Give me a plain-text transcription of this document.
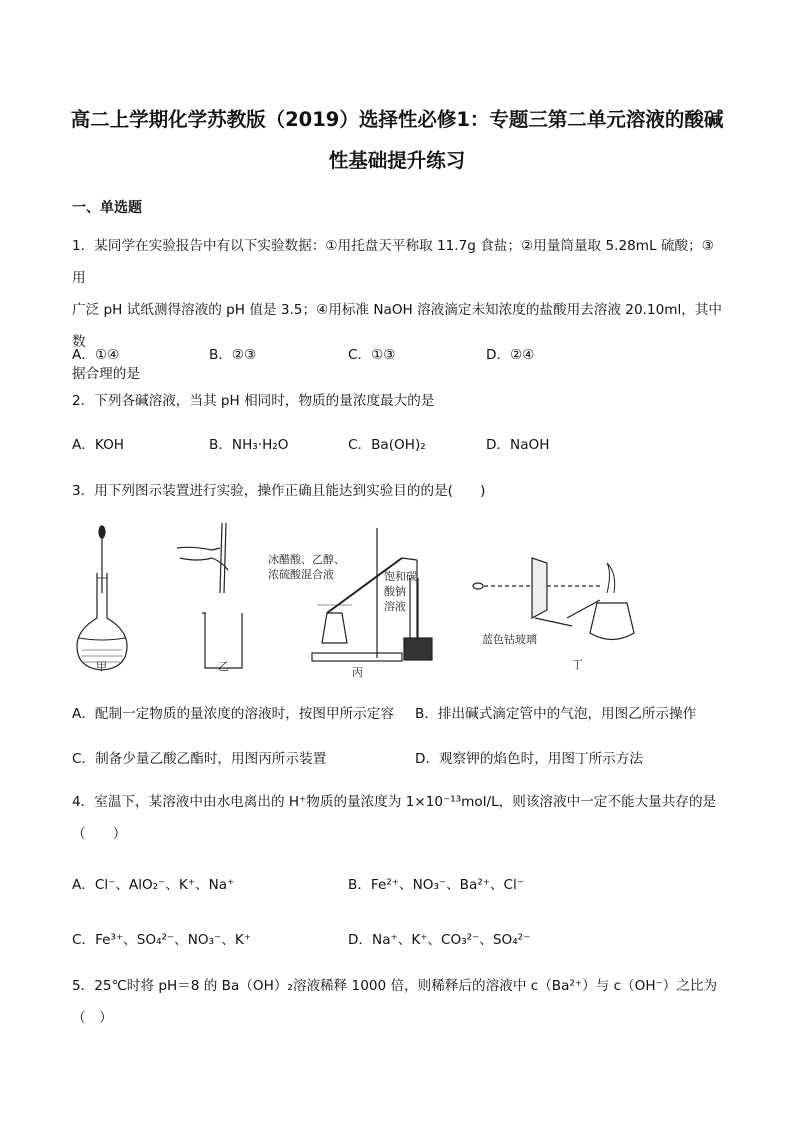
高二上学期化学苏教版（2019）选择性必修1：专题三第二单元溶液的酸碱
性基础提升练习
一、单选题
1．某同学在实验报告中有以下实验数据：①用托盘天平称取 11.7g 食盐；②用量筒量取 5.28mL 硫酸；③用
广泛 pH 试纸测得溶液的 pH 值是 3.5；④用标准 NaOH 溶液滴定未知浓度的盐酸用去溶液 20.10ml，其中数
据合理的是
A．①④	B．②③	C．①③	D．②④
2．下列各碱溶液，当其 pH 相同时，物质的量浓度最大的是
A．KOH	B．NH₃·H₂O	C．Ba(OH)₂	D．NaOH
3．用下列图示装置进行实验，操作正确且能达到实验目的的是(　　)
甲	乙
冰醋酸、乙醇、
浓硫酸混合液	饱和碳
酸钠
溶液
丙
蓝色钴玻璃
丁
A．配制一定物质的量浓度的溶液时，按图甲所示定容 B．排出碱式滴定管中的气泡，用图乙所示操作
C．制备少量乙酸乙酯时，用图丙所示装置	D．观察钾的焰色时，用图丁所示方法
4．室温下，某溶液中由水电离出的 H⁺物质的量浓度为 1×10⁻¹³mol/L，则该溶液中一定不能大量共存的是
（　　）
A．Cl⁻、AlO₂⁻、K⁺、Na⁺	B．Fe²⁺、NO₃⁻、Ba²⁺、Cl⁻
C．Fe³⁺、SO₄²⁻、NO₃⁻、K⁺	D．Na⁺、K⁺、CO₃²⁻、SO₄²⁻
5．25℃时将 pH＝8 的 Ba（OH）₂溶液稀释 1000 倍，则稀释后的溶液中 c（Ba²⁺）与 c（OH⁻）之比为
（　）
